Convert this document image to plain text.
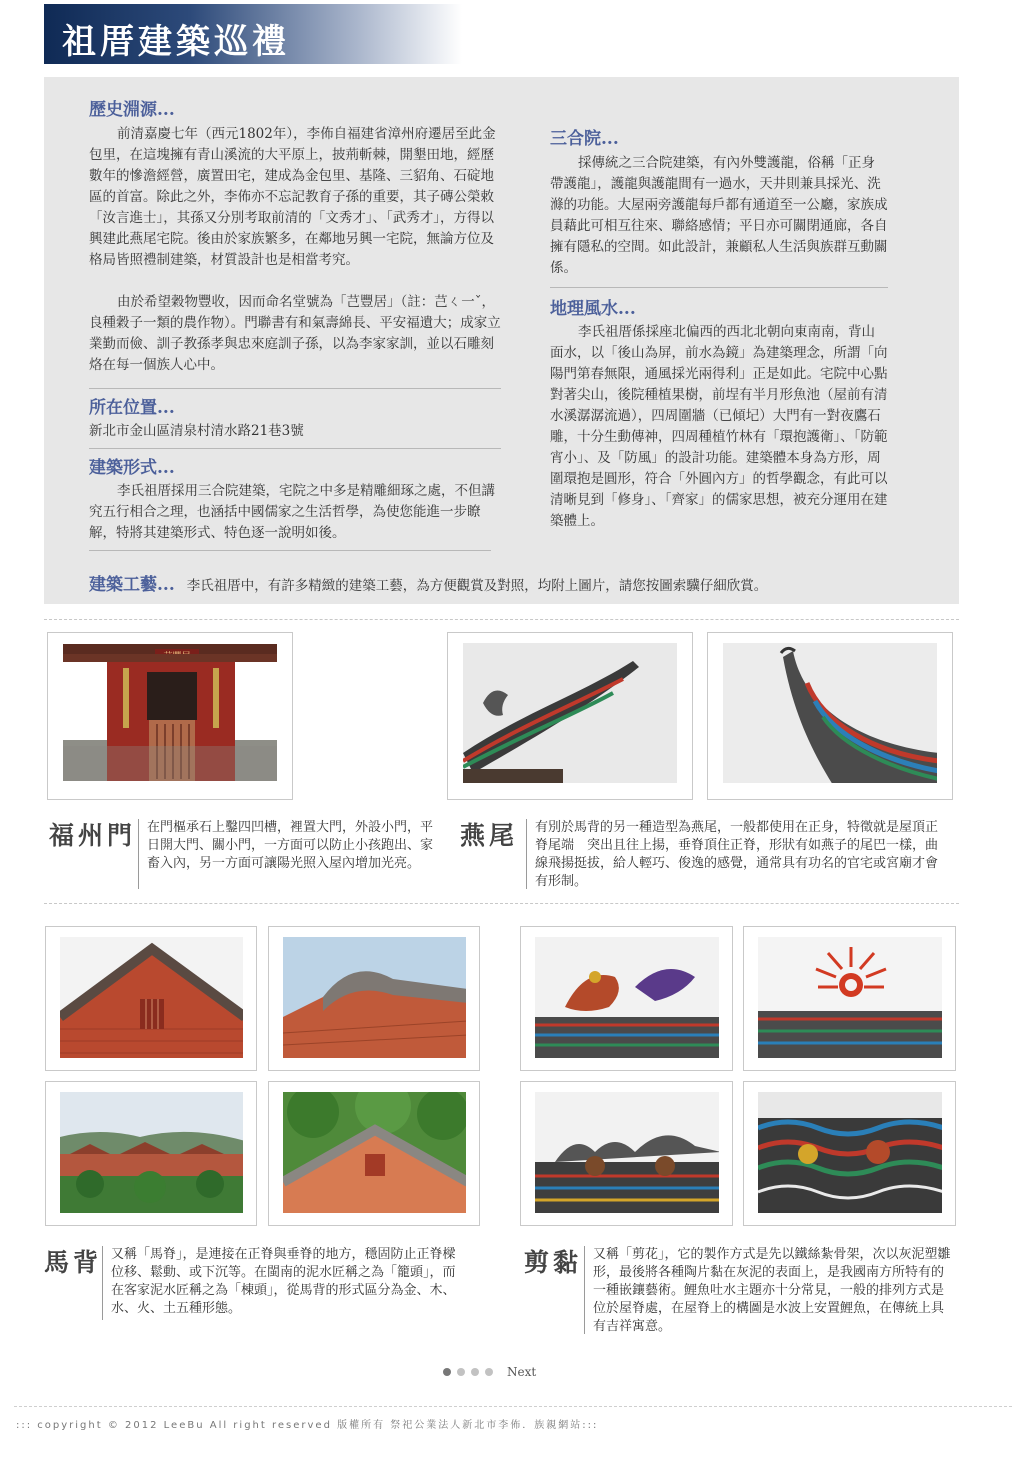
祖厝建築巡禮
歷史淵源...

前清嘉慶七年（西元1802年），李佈自福建省漳州府遷居至此金包里，在這塊擁有青山溪流的大平原上，披荊斬棘，開墾田地，經歷數年的慘澹經營，廣置田宅，建成為金包里、基隆、三貂角、石碇地區的首富。除此之外，李佈亦不忘記教育子孫的重要，其子磚公榮敕「汝言進士」，其孫又分別考取前清的「文秀才」、「武秀才」，方得以興建此燕尾宅院。後由於家族繁多，在鄰地另興一宅院，無論方位及格局皆照禮制建築，材質設計也是相當考究。

由於希望穀物豐收，因而命名堂號為「芑豐居」（註：芑ㄑ一ˇ，良種穀子一類的農作物）。門聯書有和氣壽綿長、平安福遺大；成家立業勤而儉、訓子教孫孝與忠來庭訓子孫，以為李家家訓，並以石雕刻烙在每一個族人心中。

所在位置...
新北市金山區清泉村清水路21巷3號
建築形式...

李氏祖厝採用三合院建築，宅院之中多是精雕細琢之處，不但講究五行相合之理，也涵括中國儒家之生活哲學，為使您能進一步瞭解，特將其建築形式、特色逐一說明如後。

三合院...

採傳統之三合院建築，有內外雙護龍，俗稱「正身帶護龍」，護龍與護龍間有一過水，天井則兼具採光、洗滌的功能。大屋兩旁護龍每戶都有通道至一公廳，家族成員藉此可相互往來、聯絡感情；平日亦可關閉通廊，各自擁有隱私的空間。如此設計，兼顧私人生活與族群互動關係。

地理風水...

李氏祖厝係採座北偏西的西北北朝向東南南，背山面水，以「後山為屏，前水為鏡」為建築理念，所謂「向陽門第春無限，通風採光兩得利」正是如此。宅院中心點對著尖山，後院種植果樹，前埕有半月形魚池（屋前有清水溪潺潺流過），四周圍牆（已傾圮）大門有一對夜鷹石雕，十分生動傳神，四周種植竹林有「環抱護衛」、「防範宵小」、及「防風」的設計功能。建築體本身為方形，周圍環抱是圓形，符合「外圓內方」的哲學觀念，有此可以清晰見到「修身」、「齊家」的儒家思想，被充分運用在建築體上。

建築工藝... 李氏祖厝中，有許多精緻的建築工藝，為方便觀賞及對照，均附上圖片，請您按圖索驥仔細欣賞。
福州門 在門樞承石上鑿四凹槽，裡置大門，外設小門，平日開大門、關小門，一方面可以防止小孩跑出、家畜入內，另一方面可讓陽光照入屋內增加光亮。
燕尾	有別於馬背的另一種造型為燕尾，一般都使用在正身，特徵就是屋頂正脊尾端　突出且往上揚，垂脊頂住正脊，形狀有如燕子的尾巴一樣，曲線飛揚挺拔，給人輕巧、俊逸的感覺，通常具有功名的官宅或宮廟才會有形制。
馬背 又稱「馬脊」，是連接在正脊與垂脊的地方，穩固防止正脊樑位移、鬆動、或下沉等。在閩南的泥水匠稱之為「籠頭」，而在客家泥水匠稱之為「棟頭」，從馬背的形式區分為金、木、水、火、土五種形態。
剪黏 又稱「剪花」，它的製作方式是先以鐵絲紮骨架，次以灰泥塑雛形，最後將各種陶片黏在灰泥的表面上，是我國南方所特有的一種嵌鑲藝術。鯉魚吐水主題亦十分常見，一般的排列方式是位於屋脊處，在屋脊上的構圖是水波上安置鯉魚，在傳統上具有吉祥寓意。
Next
::: copyright © 2012 LeeBu All right reserved 版權所有 祭祀公業法人新北市李佈．族親網站:::
